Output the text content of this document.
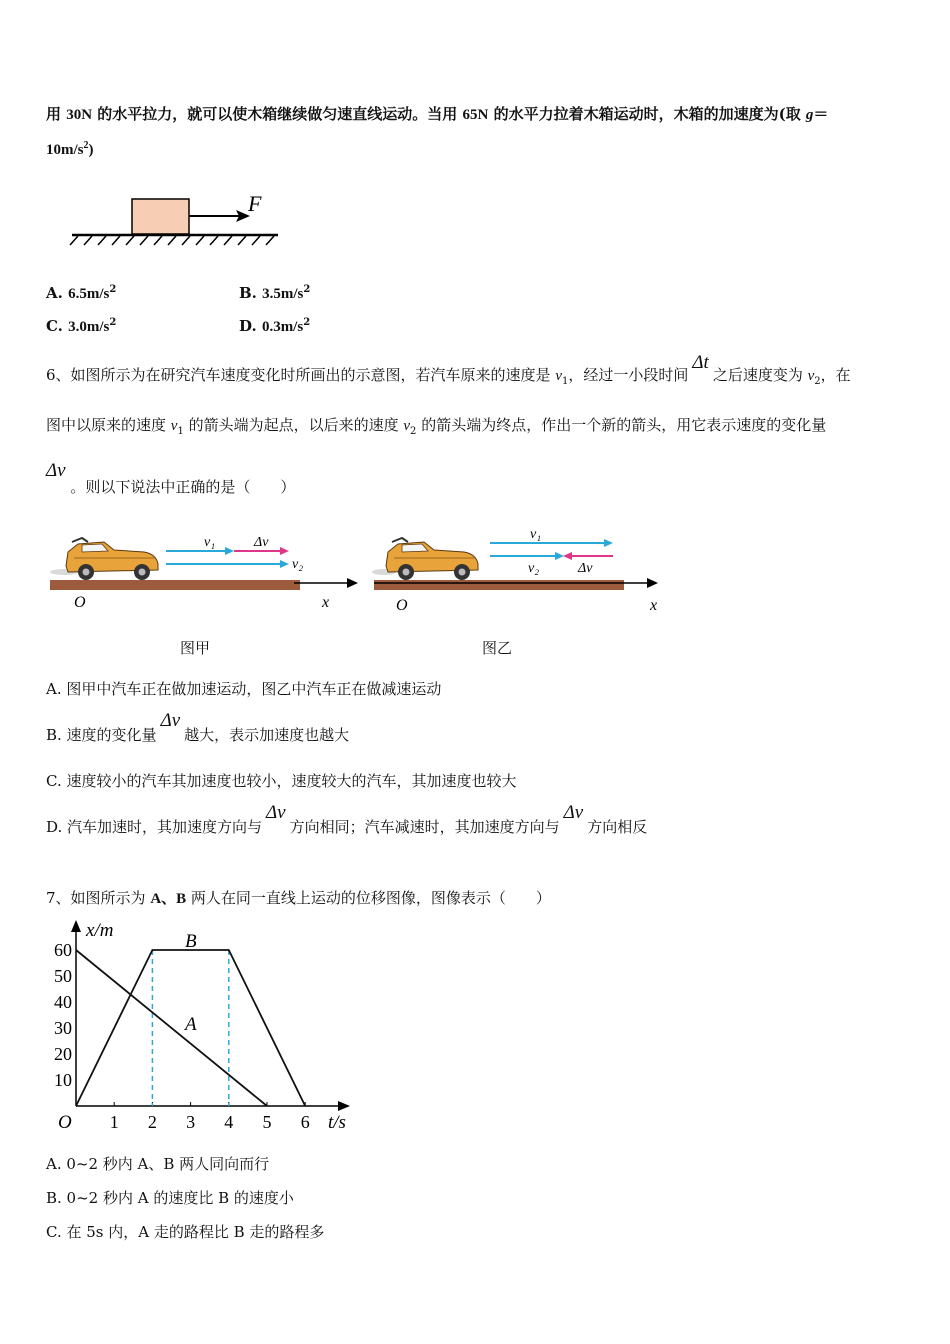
用 30N 的水平拉力，就可以使木箱继续做匀速直线运动。当用 65N 的水平力拉着木箱运动时，木箱的加速度为(取 g＝
$10m/s^2$)
F
A. $6.5m/s^2$	B. $3.5m/s^2$
C. $3.0m/s^2$	D. $0.3m/s^2$
6、如图所示为在研究汽车速度变化时所画出的示意图，若汽车原来的速度是 $v_1$，经过一小段时间Δt之后速度变为 $v_2$，在
图中以原来的速度 $v_1$ 的箭头端为起点，以后来的速度 $v_2$ 的箭头端为终点，作出一个新的箭头，用它表示速度的变化量
Δv 。则以下说法中正确的是（　　）
v₁	Δv
v₂
O	x
v₁
v₂	Δv
O	x
图甲	图乙
A. 图甲中汽车正在做加速运动，图乙中汽车正在做减速运动
B. 速度的变化量Δv越大，表示加速度也越大
C. 速度较小的汽车其加速度也较小，速度较大的汽车，其加速度也较大
D. 汽车加速时，其加速度方向与Δv方向相同；汽车减速时，其加速度方向与Δv方向相反
7、如图所示为 A、B 两人在同一直线上运动的位移图像，图像表示（　　）
x/m
t/s
O
10
20
30
40
50
60
1 2 3 4 5 6
B
A
A. 0~2 秒内 A、B 两人同向而行
B. 0~2 秒内 A 的速度比 B 的速度小
C. 在 5s 内，A 走的路程比 B 走的路程多
